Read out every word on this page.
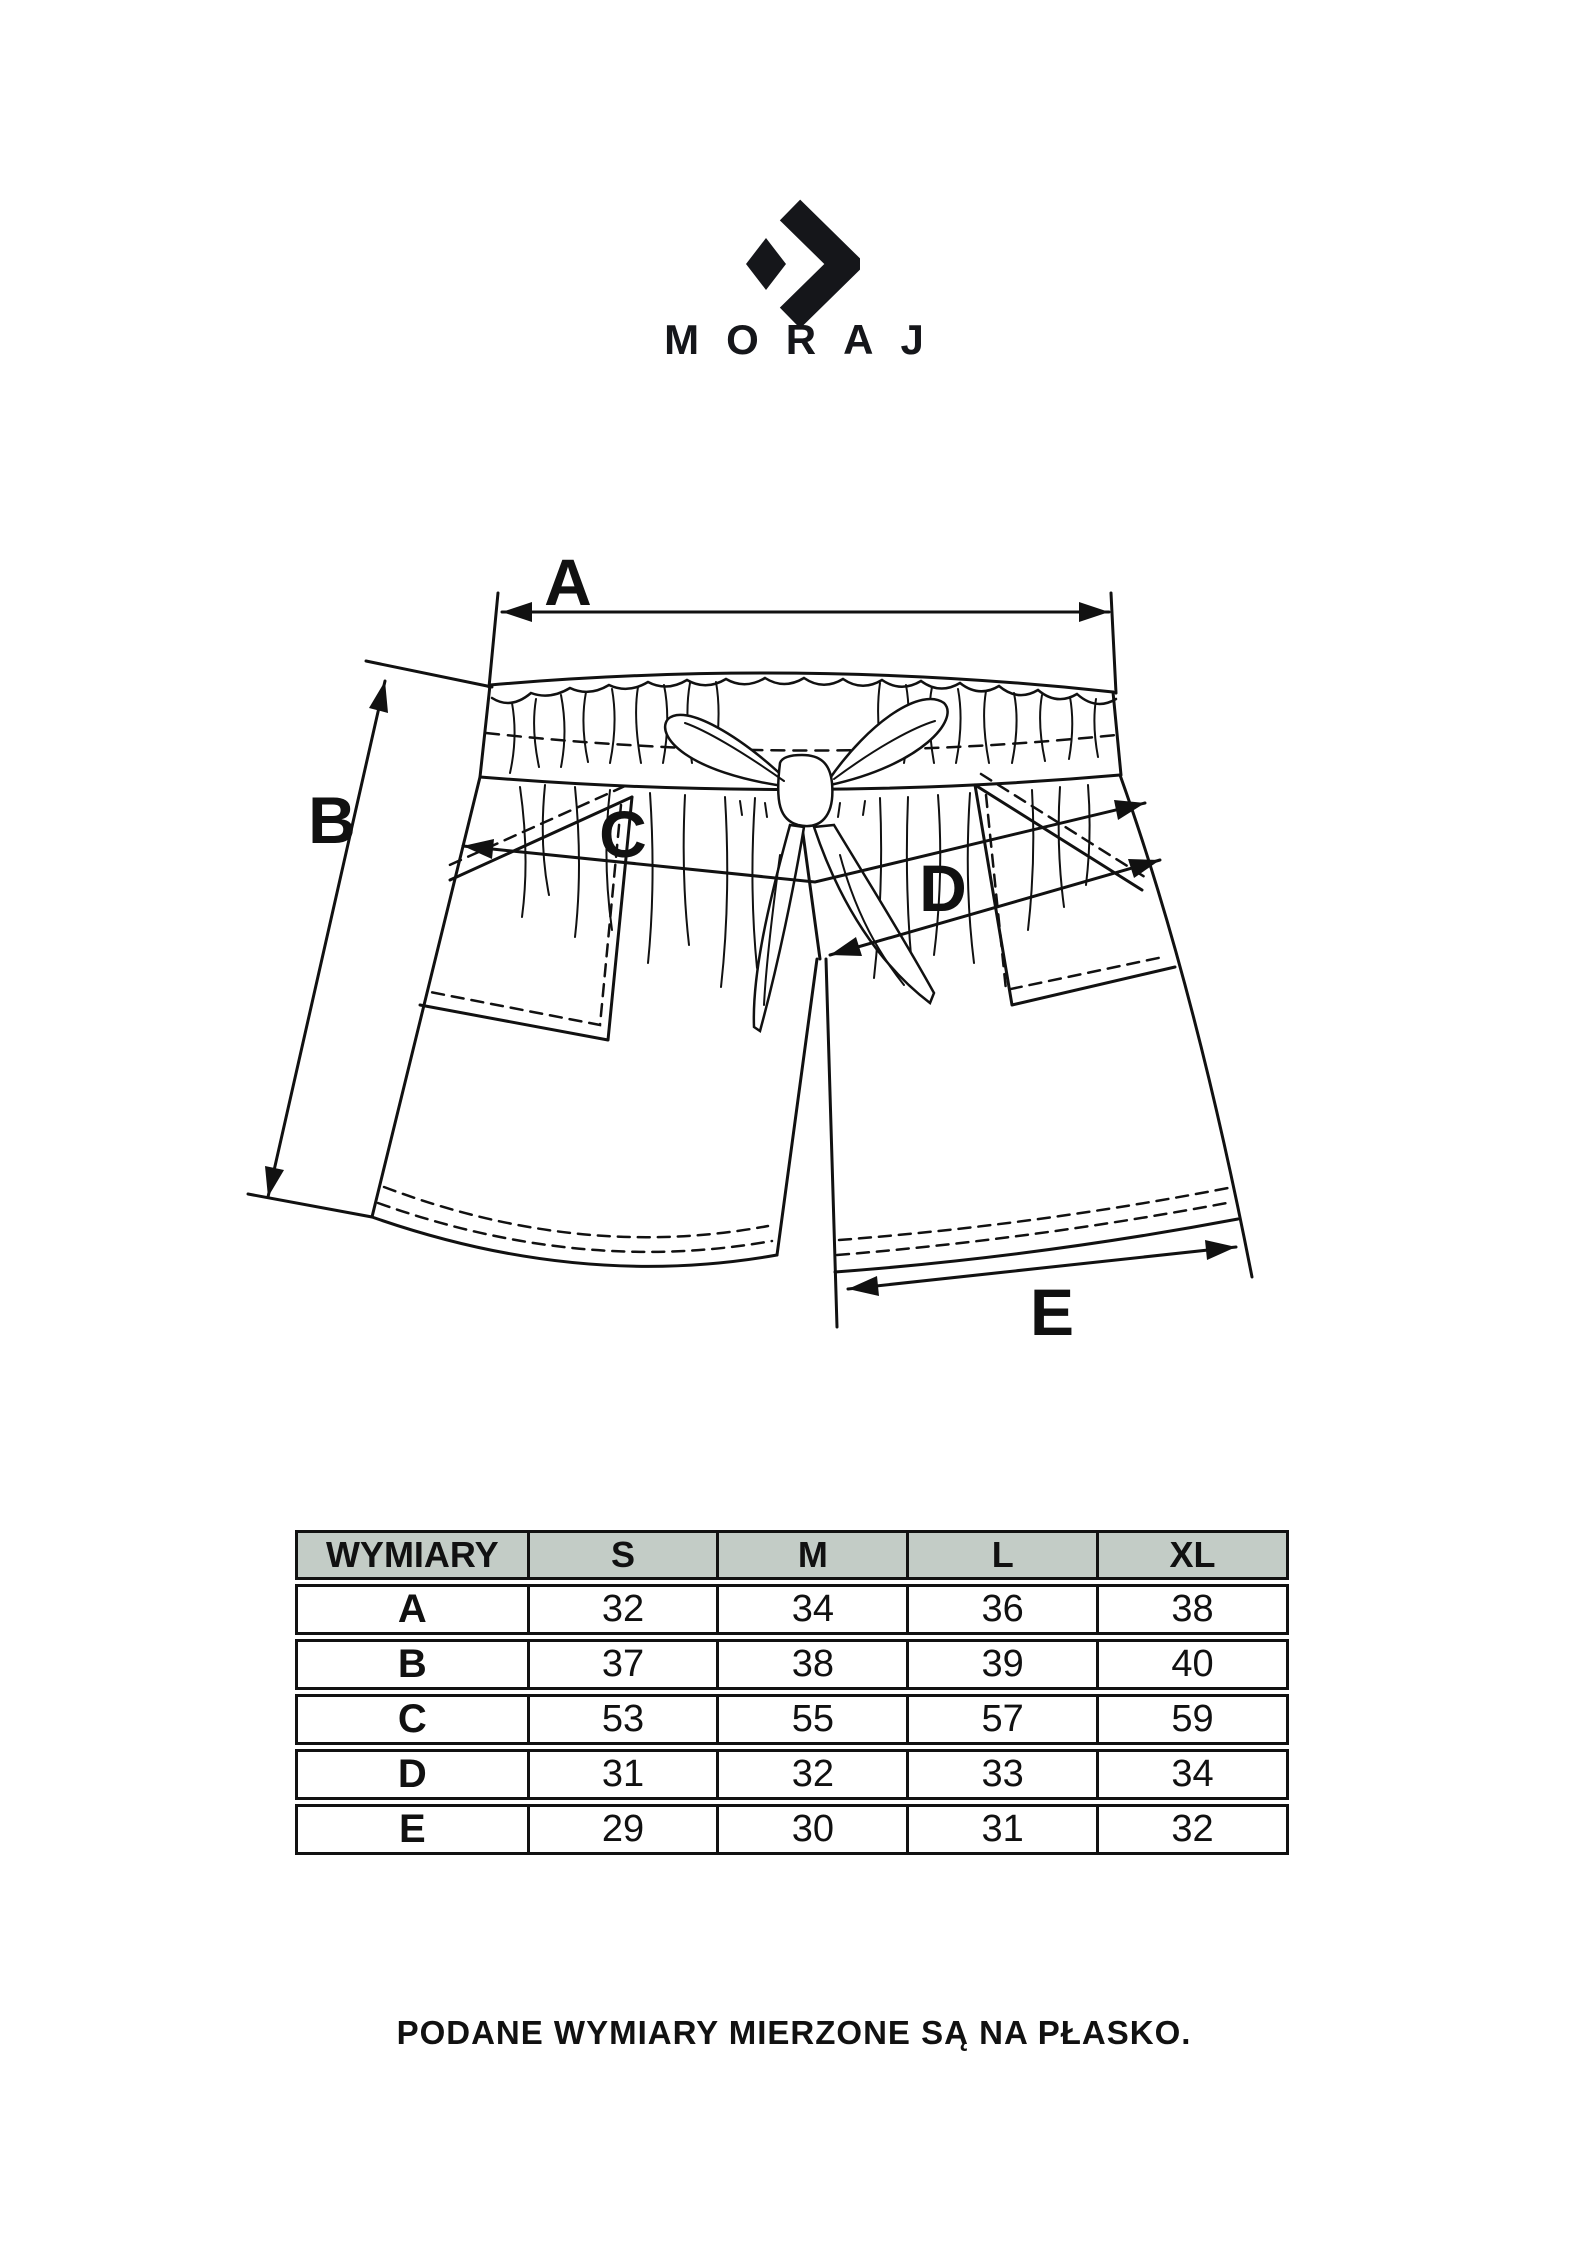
MORAJ
A
B	C
D
E
WYMIARY	S	M	L	XL
A	32	34	36	38
B	37	38	39	40
C	53	55	57	59
D	31	32	33	34
E	29	30	31	32
PODANE WYMIARY MIERZONE SĄ NA PŁASKO.
